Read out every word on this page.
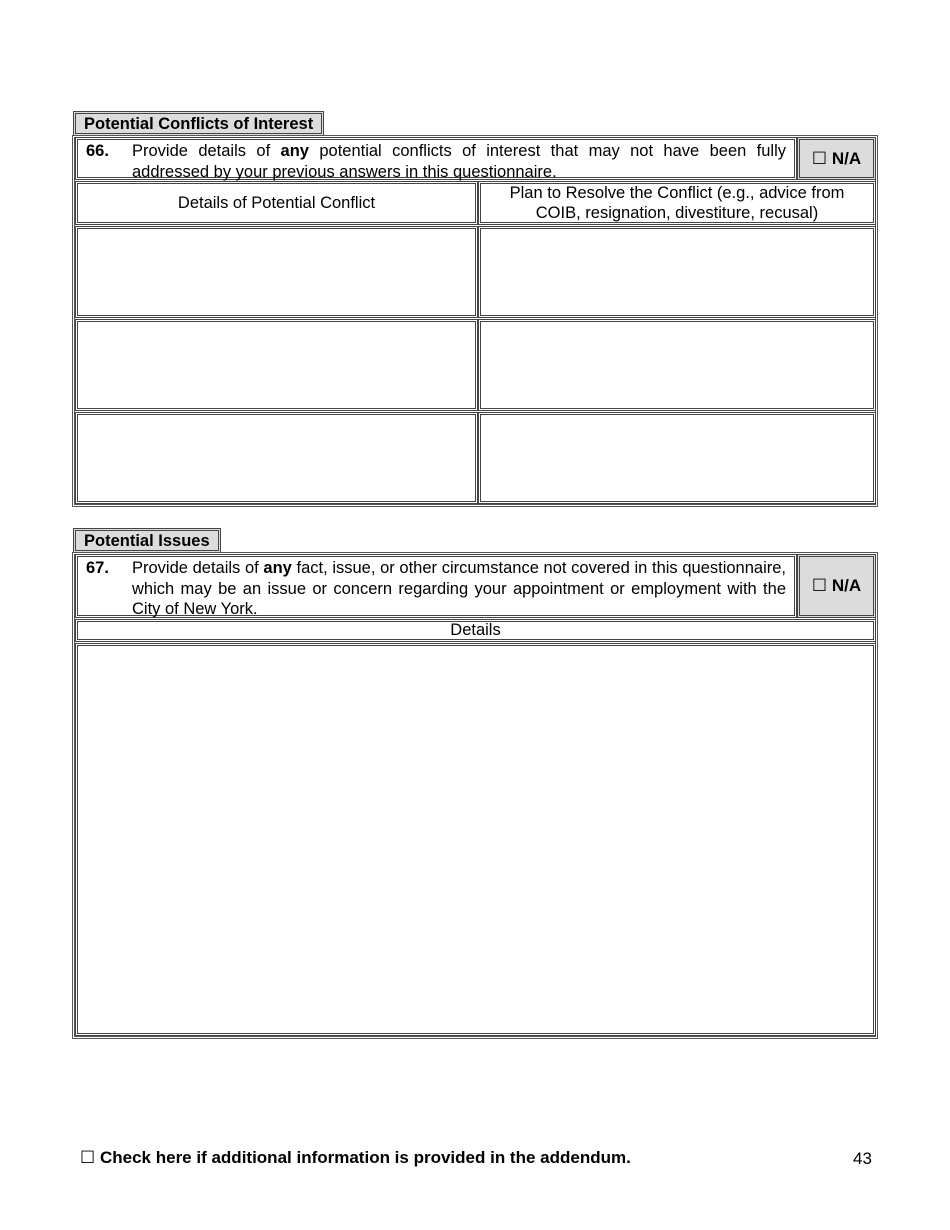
Potential Conflicts of Interest
66. Provide details of any potential conflicts of interest that may not have been fully addressed by your previous answers in this questionnaire.
☐ N/A
Details of Potential Conflict
Plan to Resolve the Conflict (e.g., advice from COIB, resignation, divestiture, recusal)
Potential Issues
67. Provide details of any fact, issue, or other circumstance not covered in this questionnaire, which may be an issue or concern regarding your appointment or employment with the City of New York.
☐ N/A
Details
☐ Check here if additional information is provided in the addendum.	43
